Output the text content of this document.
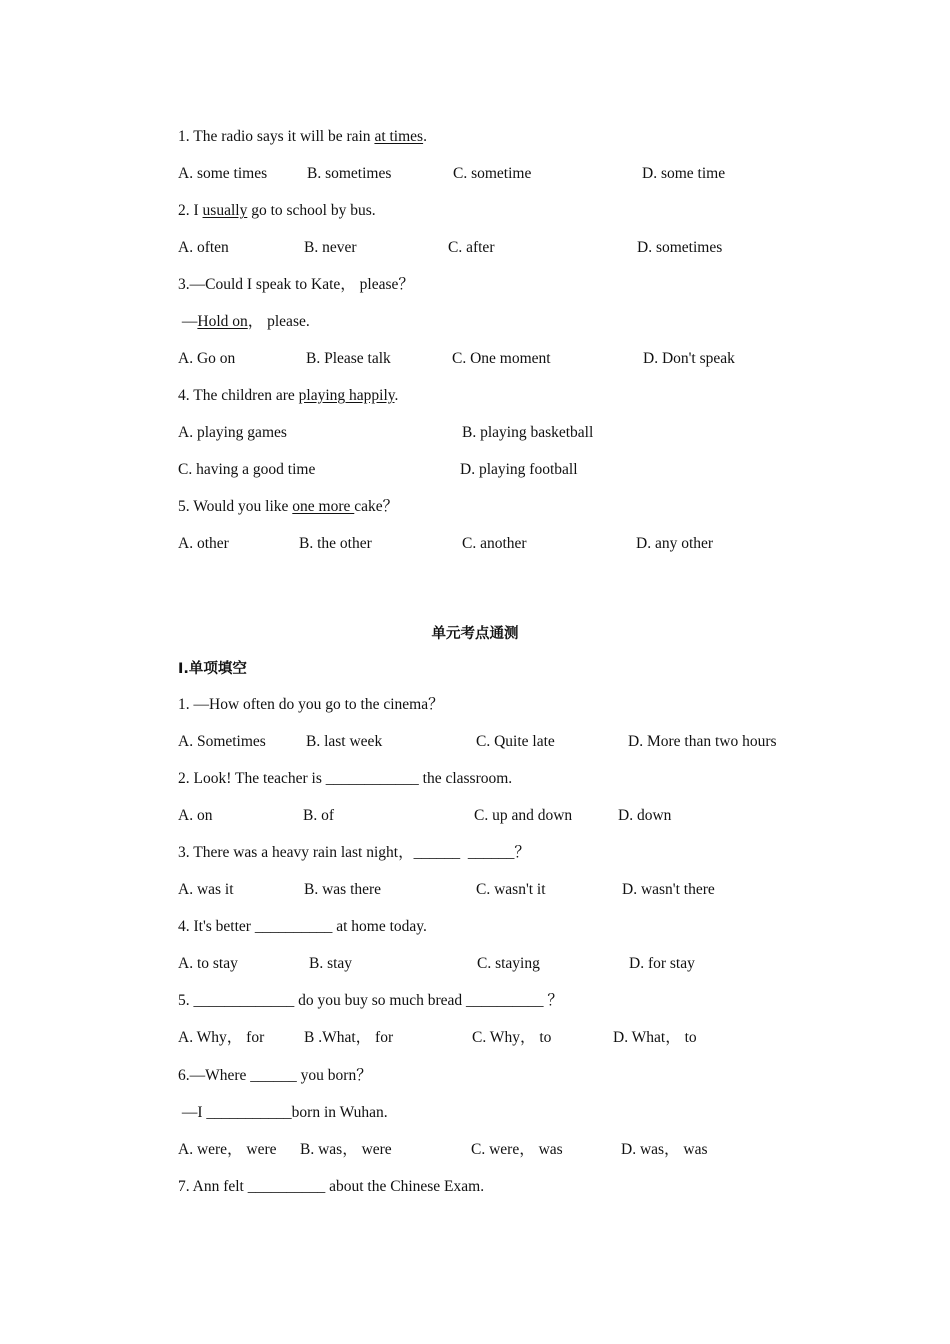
1. The radio says it will be rain at times.
A. some times	B. sometimes	C. sometime	D. some time
2. I usually go to school by bus.
A. often	B. never	C. after	D. sometimes
3.—Could I speak to Kate， please？
—Hold on， please.
A. Go on	B. Please talk	C. One moment	D. Don't speak
4. The children are playing happily.
A. playing games	B. playing basketball
C. having a good time	D. playing football
5. Would you like one more cake？
A. other	B. the other	C. another	D. any other
单元考点通测
Ⅰ.单项填空
1. —How often do you go to the cinema？
A. Sometimes	B. last week	C. Quite late	D. More than two hours
2. Look! The teacher is ____________ the classroom.
A. on	B. of	C. up and down	D. down
3. There was a heavy rain last night，______  ______？
A. was it	B. was there	C. wasn't it	D. wasn't there
4. It's better __________ at home today.
A. to stay	B. stay	C. staying	D. for stay
5. _____________ do you buy so much bread __________ ？
A. Why， for	B .What， for	C. Why， to	D. What， to
6.—Where ______ you born？
—I ___________born in Wuhan.
A. were， were B. was， were	C. were， was	D. was， was
7. Ann felt __________ about the Chinese Exam.
